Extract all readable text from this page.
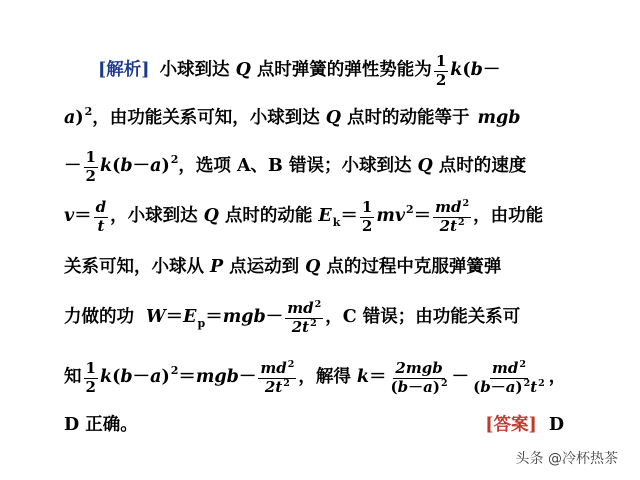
[解析] 小球到达 Q 点时弹簧的弹性势能为 $\frac{1}{2}$ k ( b －
a ) 2 ，由功能关系可知，小球到达 Q 点时的动能等于 mgb
－ $\frac{1}{2}$ k ( b － a ) 2 ，选项 A、B 错误；小球到达 Q 点时的速度
$v = \frac{d}{t}$ ，小球到达 Q 点时的动能 E $k = \frac{1}{2}$ mv $2 = \frac{md^2}{2t^2}$ ，由功能
关系可知，小球从 P 点运动到 Q 点的过程中克服弹簧弹
力做的功 W ＝ E p ＝ mgb － $\frac{md^2}{2t^2}$ ，C 错误；由功能关系可
知 $\frac{1}{2}$ k ( b － a ) 2 ＝ mgb － $\frac{md^2}{2t^2}$ ，解得 $k = \frac{\text{2mgb}}{(b-a)^2} - \frac{md^2}{(b-a)^2t^2}$ ，
D 正确。	[答案] D
头条 @冷杯热茶
